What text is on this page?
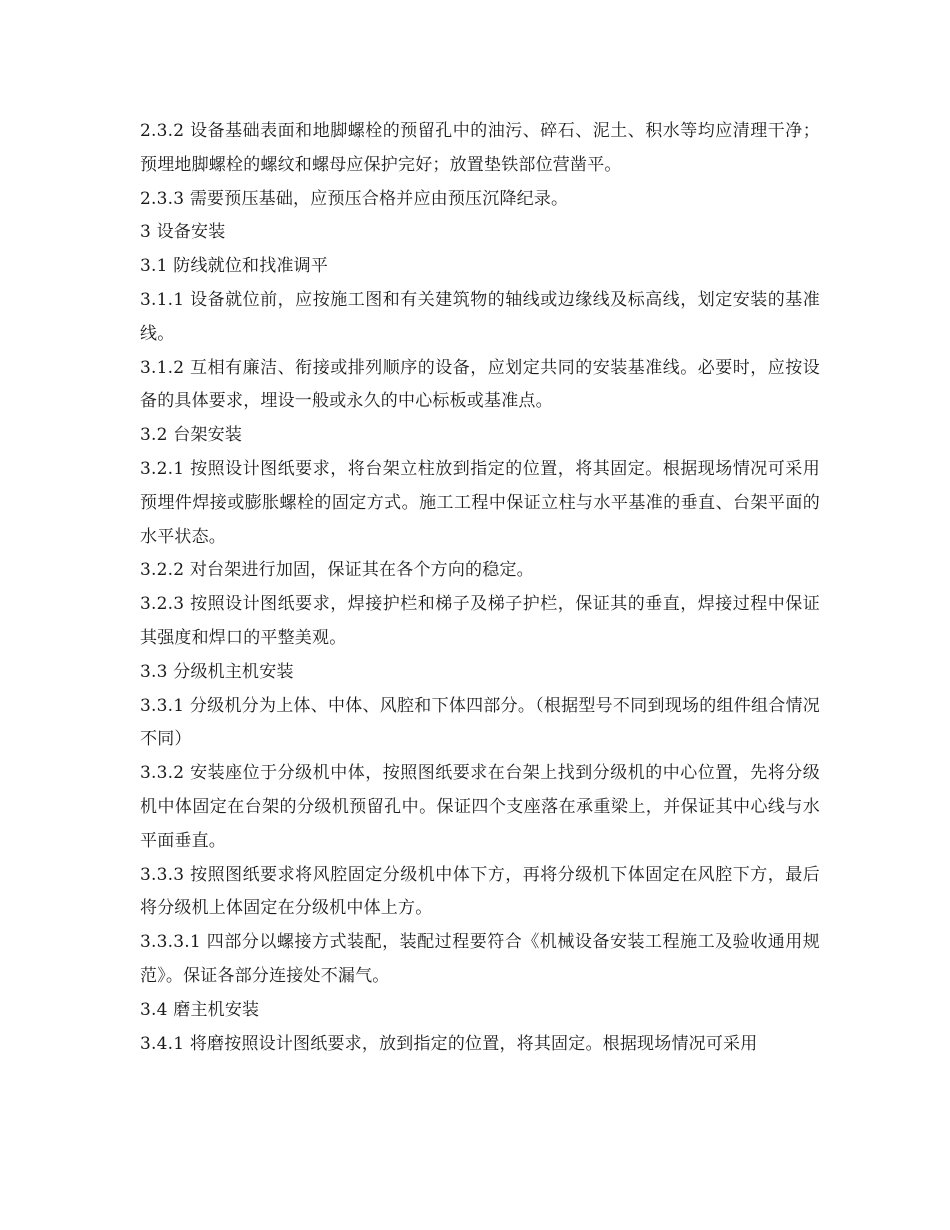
2.3.2 设备基础表面和地脚螺栓的预留孔中的油污、碎石、泥土、积水等均应清理干净；预埋地脚螺栓的螺纹和螺母应保护完好；放置垫铁部位营凿平。

2.3.3 需要预压基础，应预压合格并应由预压沉降纪录。

3 设备安装

3.1 防线就位和找准调平

3.1.1 设备就位前，应按施工图和有关建筑物的轴线或边缘线及标高线，划定安装的基准线。

3.1.2 互相有廉洁、衔接或排列顺序的设备，应划定共同的安装基准线。必要时，应按设备的具体要求，埋设一般或永久的中心标板或基准点。

3.2 台架安装

3.2.1 按照设计图纸要求，将台架立柱放到指定的位置，将其固定。根据现场情况可采用预埋件焊接或膨胀螺栓的固定方式。施工工程中保证立柱与水平基准的垂直、台架平面的水平状态。

3.2.2 对台架进行加固，保证其在各个方向的稳定。

3.2.3 按照设计图纸要求，焊接护栏和梯子及梯子护栏，保证其的垂直，焊接过程中保证其强度和焊口的平整美观。

3.3 分级机主机安装

3.3.1 分级机分为上体、中体、风腔和下体四部分。（根据型号不同到现场的组件组合情况不同）

3.3.2 安装座位于分级机中体，按照图纸要求在台架上找到分级机的中心位置，先将分级机中体固定在台架的分级机预留孔中。保证四个支座落在承重梁上，并保证其中心线与水平面垂直。

3.3.3 按照图纸要求将风腔固定分级机中体下方，再将分级机下体固定在风腔下方，最后将分级机上体固定在分级机中体上方。

3.3.3.1 四部分以螺接方式装配，装配过程要符合《机械设备安装工程施工及验收通用规范》。保证各部分连接处不漏气。

3.4 磨主机安装

3.4.1 将磨按照设计图纸要求，放到指定的位置，将其固定。根据现场情况可采用
